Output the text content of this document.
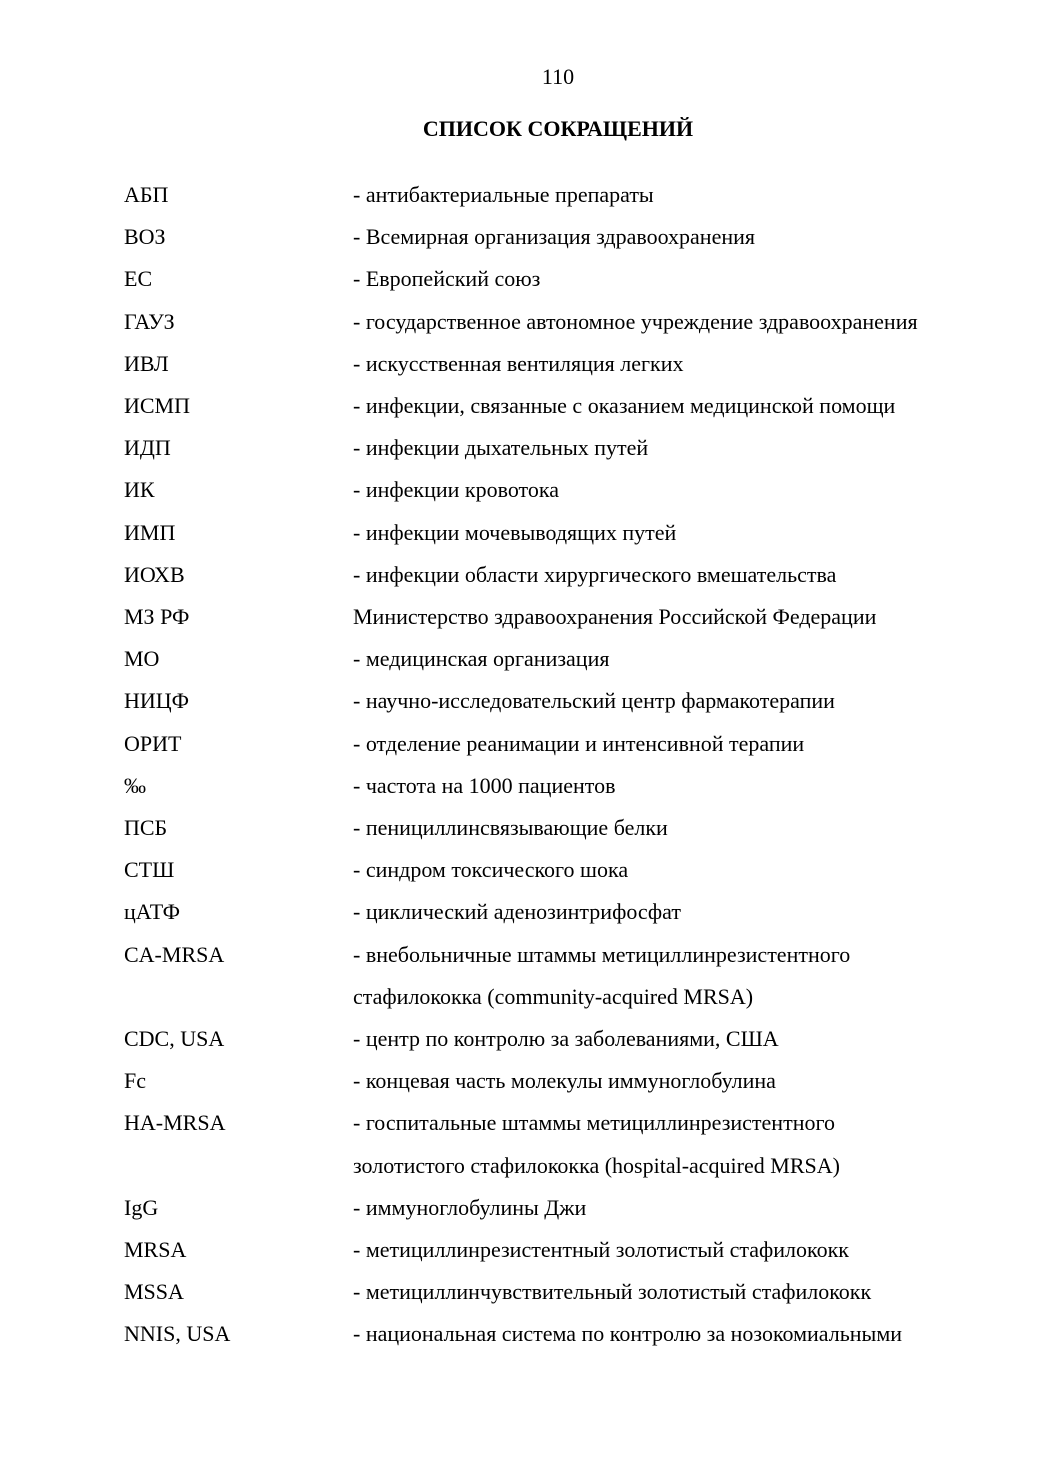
110
СПИСОК СОКРАЩЕНИЙ
АБП	- антибактериальные препараты
ВОЗ	- Всемирная организация здравоохранения
ЕС	- Европейский союз
ГАУЗ	- государственное автономное учреждение здравоохранения
ИВЛ	- искусственная вентиляция легких
ИСМП	- инфекции, связанные с оказанием медицинской помощи
ИДП	- инфекции дыхательных путей
ИК	- инфекции кровотока
ИМП	- инфекции мочевыводящих путей
ИОХВ	- инфекции области хирургического вмешательства
МЗ РФ	Министерство здравоохранения Российской Федерации
МО	- медицинская организация
НИЦФ	- научно-исследовательский центр фармакотерапии
ОРИТ	- отделение реанимации и интенсивной терапии
‰	- частота на 1000 пациентов
ПСБ	- пенициллинсвязывающие белки
СТШ	- синдром токсического шока
цАТФ	- циклический аденозинтрифосфат
CA-MRSA	- внебольничные штаммы метициллинрезистентного
стафилококка (community-acquired MRSA)
CDC, USA	- центр по контролю за заболеваниями, США
Fc	- концевая часть молекулы иммуноглобулина
HA-MRSA	- госпитальные штаммы метициллинрезистентного
золотистого стафилококка (hospital-acquired MRSA)
IgG	- иммуноглобулины Джи
MRSA	- метициллинрезистентный золотистый стафилококк
MSSA	- метициллинчувствительный золотистый стафилококк
NNIS, USA	- национальная система по контролю за нозокомиальными
